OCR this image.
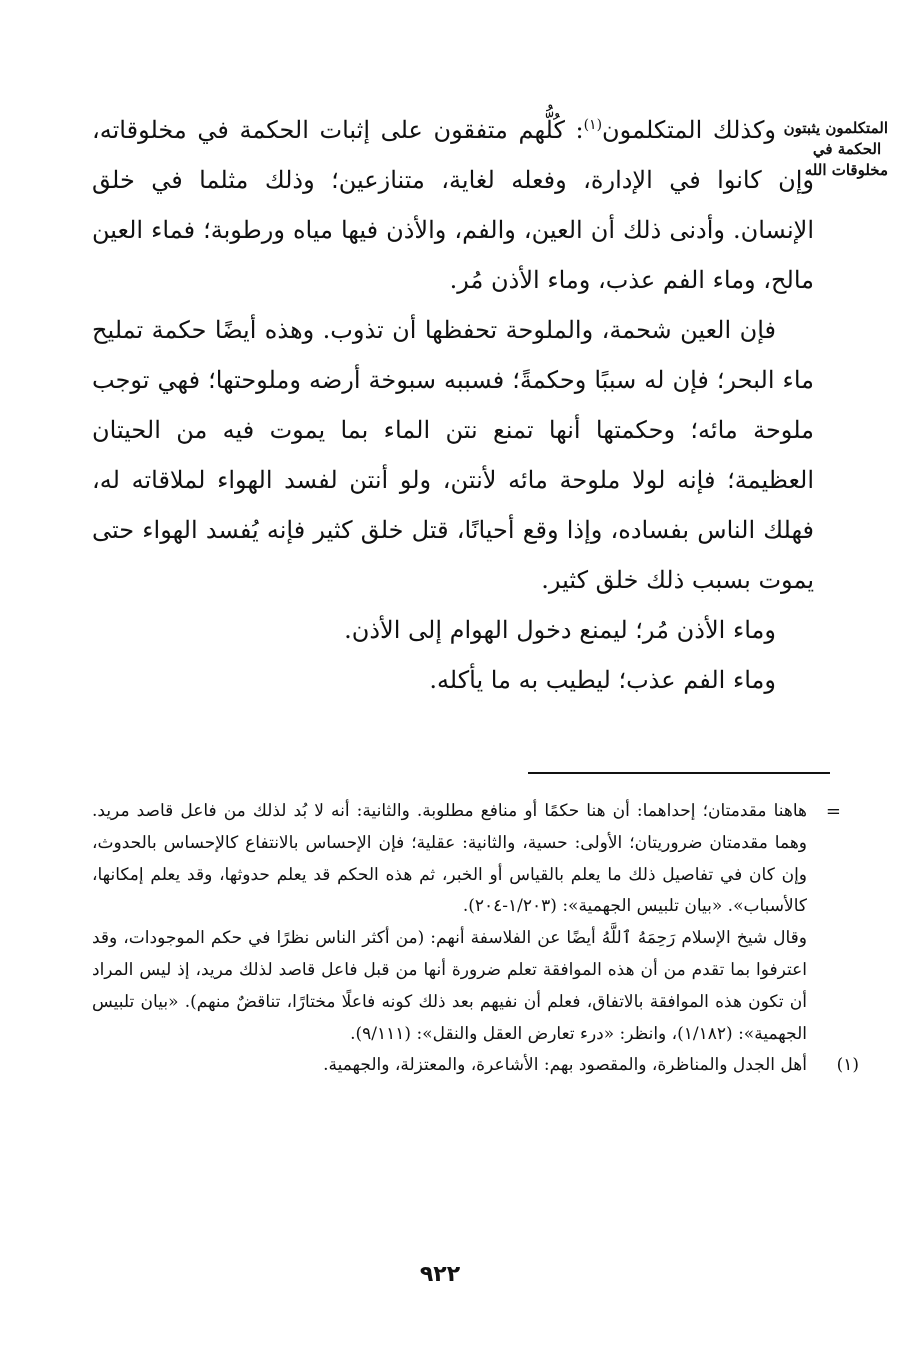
المتكلمون يثبتون
الحكمة في
مخلوقات الله

وكذلك المتكلمون$^{(١)}$: كُلُّهم متفقون على إثبات الحكمة في مخلوقاته، وإن كانوا في الإدارة، وفعله لغاية، متنازعين؛ وذلك مثلما في خلق الإنسان. وأدنى ذلك أن العين، والفم، والأذن فيها مياه ورطوبة؛ فماء العين مالح، وماء الفم عذب، وماء الأذن مُر.

فإن العين شحمة، والملوحة تحفظها أن تذوب. وهذه أيضًا حكمة تمليح ماء البحر؛ فإن له سببًا وحكمةً؛ فسببه سبوخة أرضه وملوحتها؛ فهي توجب ملوحة مائه؛ وحكمتها أنها تمنع نتن الماء بما يموت فيه من الحيتان العظيمة؛ فإنه لولا ملوحة مائه لأنتن، ولو أنتن لفسد الهواء لملاقاته له، فهلك الناس بفساده، وإذا وقع أحيانًا، قتل خلق كثير فإنه يُفسد الهواء حتى يموت بسبب ذلك خلق كثير.

وماء الأذن مُر؛ ليمنع دخول الهوام إلى الأذن.

وماء الفم عذب؛ ليطيب به ما يأكله.

=
هاهنا مقدمتان؛ إحداهما: أن هنا حكمًا أو منافع مطلوبة. والثانية: أنه لا بُد لذلك من فاعل قاصد مريد. وهما مقدمتان ضروريتان؛ الأولى: حسية، والثانية: عقلية؛ فإن الإحساس بالانتفاع كالإحساس بالحدوث، وإن كان في تفاصيل ذلك ما يعلم بالقياس أو الخبر، ثم هذه الحكم قد يعلم حدوثها، وقد يعلم إمكانها، كالأسباب». «بيان تلبيس الجهمية»: (١/٢٠٣-٢٠٤).

وقال شيخ الإسلام رَحِمَهُ ٱللَّهُ أيضًا عن الفلاسفة أنهم: (من أكثر الناس نظرًا في حكم الموجودات، وقد اعترفوا بما تقدم من أن هذه الموافقة تعلم ضرورة أنها من قبل فاعل قاصد لذلك مريد، إذ ليس المراد أن تكون هذه الموافقة بالاتفاق، فعلم أن نفيهم بعد ذلك كونه فاعلًا مختارًا، تناقضٌ منهم). «بيان تلبيس الجهمية»: (١/١٨٢)، وانظر: «درء تعارض العقل والنقل»: (٩/١١١).

(١)
أهل الجدل والمناظرة، والمقصود بهم: الأشاعرة، والمعتزلة، والجهمية.

٩٢٢
